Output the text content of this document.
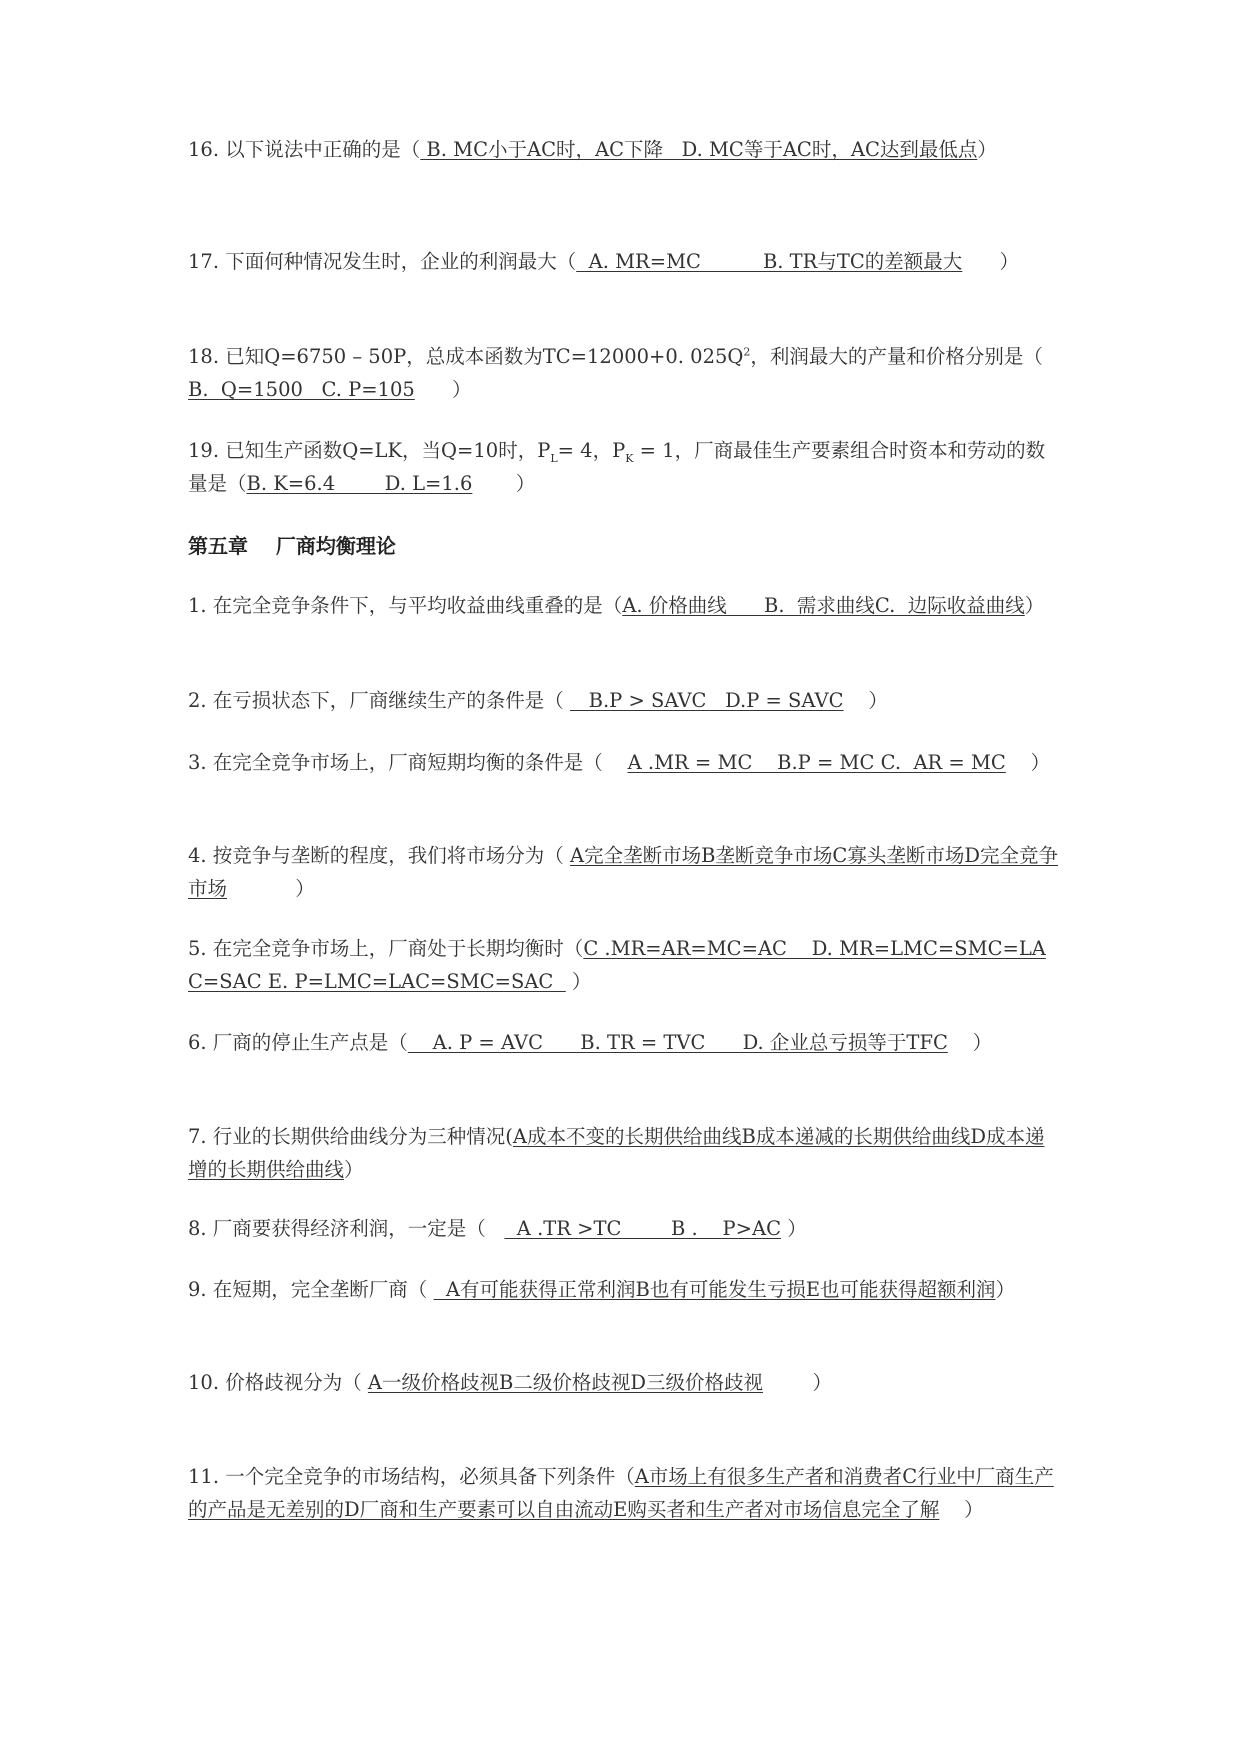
16. 以下说法中正确的是（ B. MC小于AC时，AC下降   D. MC等于AC时，AC达到最低点）
17. 下面何种情况发生时，企业的利润最大（  A. MR=MC          B. TR与TC的差额最大      ）
18. 已知Q=6750 – 50P，总成本函数为TC=12000+0. $025Q^2$，利润最大的产量和价格分别是（ B.  Q=1500   C. P=105      ）
19. 已知生产函数Q=LK，当Q=10时，$P_L= 4$，$P_K = 1$，厂商最佳生产要素组合时资本和劳动的数量是（B. K=6.4        D. L=1.6       ）
第五章    厂商均衡理论
1. 在完全竞争条件下，与平均收益曲线重叠的是（A. 价格曲线      B.  需求曲线C.  边际收益曲线）
2. 在亏损状态下，厂商继续生产的条件是（    B.P > SAVC   D.P = SAVC    ）
3. 在完全竞争市场上，厂商短期均衡的条件是（    A .MR = MC    B.P = MC C.  AR = MC    ）
4. 按竞争与垄断的程度，我们将市场分为（ A完全垄断市场B垄断竞争市场C寡头垄断市场D完全竞争市场           ）
5. 在完全竞争市场上，厂商处于长期均衡时（C .MR=AR=MC=AC    D. MR=LMC=SMC=LAC=SAC E. P=LMC=LAC=SMC=SAC   ）
6. 厂商的停止生产点是（    A. P = AVC      B. TR = TVC      D. 企业总亏损等于TFC    ）
7. 行业的长期供给曲线分为三种情况(A成本不变的长期供给曲线B成本递减的长期供给曲线D成本递增的长期供给曲线）
8. 厂商要获得经济利润，一定是（     A .TR >TC        B .    P>AC ）
9. 在短期，完全垄断厂商（   A有可能获得正常利润B也有可能发生亏损E也可能获得超额利润）
10. 价格歧视分为（ A一级价格歧视B二级价格歧视D三级价格歧视        ）
11. 一个完全竞争的市场结构，必须具备下列条件（A市场上有很多生产者和消费者C行业中厂商生产的产品是无差别的D厂商和生产要素可以自由流动E购买者和生产者对市场信息完全了解    ）
